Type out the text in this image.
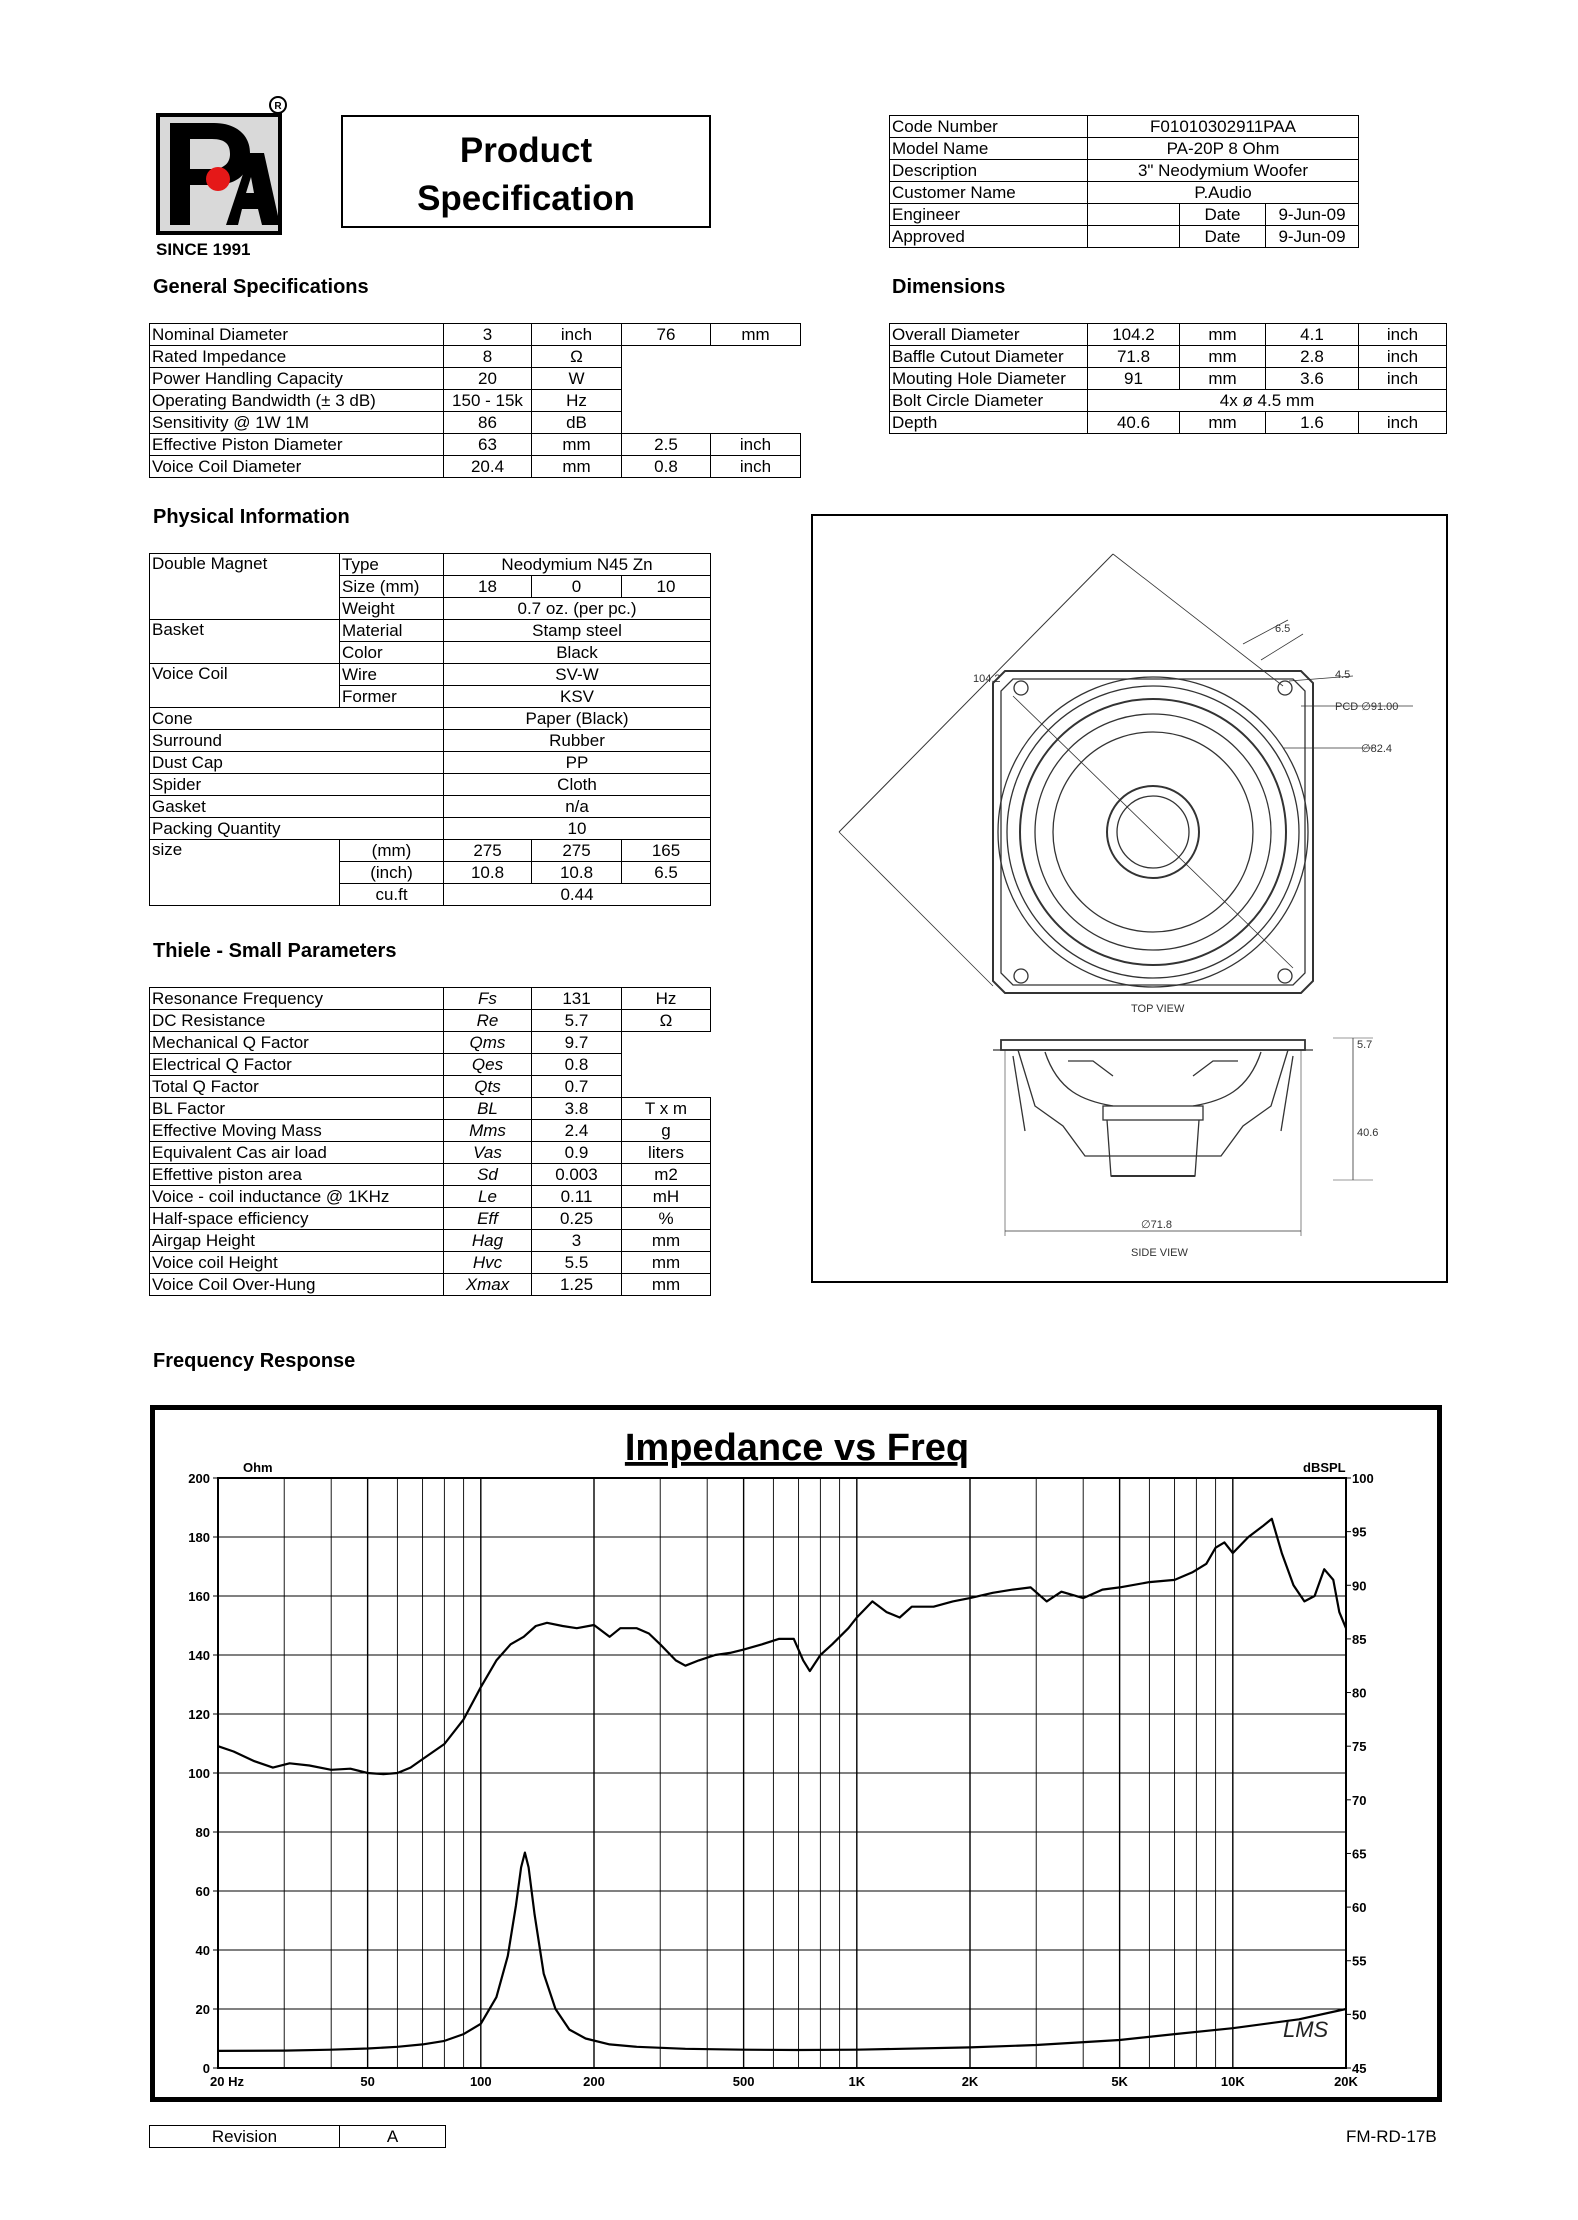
R
SINCE 1991
Product
Specification
Code Number	F01010302911PAA		
Model Name	PA-20P 8 Ohm		
Description	3" Neodymium Woofer		
Customer Name	P.Audio		
Engineer		Date	9-Jun-09
Approved		Date	9-Jun-09
General Specifications
Nominal Diameter	3	inch	76	mm
Rated Impedance	8	Ω		
Power Handling Capacity	20	W		
Operating Bandwidth (± 3 dB)	150 - 15k	Hz		
Sensitivity @ 1W 1M	86	dB		
Effective Piston Diameter	63	mm	2.5	inch
Voice Coil Diameter	20.4	mm	0.8	inch
Dimensions
Overall Diameter	104.2	mm	4.1	inch
Baffle Cutout Diameter	71.8	mm	2.8	inch
Mouting Hole Diameter	91	mm	3.6	inch
Bolt Circle Diameter	4x ø 4.5 mm			
Depth	40.6	mm	1.6	inch
Physical Information
Double Magnet	Type	Neodymium N45 Zn		
	Size (mm)	18	0	10
	Weight	0.7 oz. (per pc.)		
Basket	Material	Stamp steel		
	Color	Black		
Voice Coil	Wire	SV-W		
	Former	KSV		
Cone		Paper (Black)		
Surround		Rubber		
Dust Cap		PP		
Spider		Cloth		
Gasket		n/a		
Packing Quantity		10		
size	(mm)	275	275	165
	(inch)	10.8	10.8	6.5
	cu.ft	0.44		
Thiele - Small Parameters
Resonance Frequency	Fs	131	Hz
DC Resistance	Re	5.7	Ω
Mechanical Q Factor	Qms	9.7	
Electrical Q Factor	Qes	0.8	
Total Q Factor	Qts	0.7	
BL Factor	BL	3.8	T x m
Effective Moving Mass	Mms	2.4	g
Equivalent Cas air load	Vas	0.9	liters
Effettive piston area	Sd	0.003	m2
Voice - coil inductance @ 1KHz	Le	0.11	mH
Half-space efficiency	Eff	0.25	%
Airgap Height	Hag	3	mm
Voice coil Height	Hvc	5.5	mm
Voice Coil Over-Hung	Xmax	1.25	mm
104.2
6.5
4.5
PCD ∅91.00
∅82.4
TOP VIEW
5.7
40.6
∅71.8
SIDE VIEW
Frequency Response
Impedance vs Freq
Ohm	dBSPL
0
20
40
60
80
100
120
140
160
180
200
45
50
55
60
65
70
75
80
85
90
95
100
20 Hz	50	100	200	500	1K	2K	5K	10K	20K
LMS
Revision	A	FM-RD-17B
